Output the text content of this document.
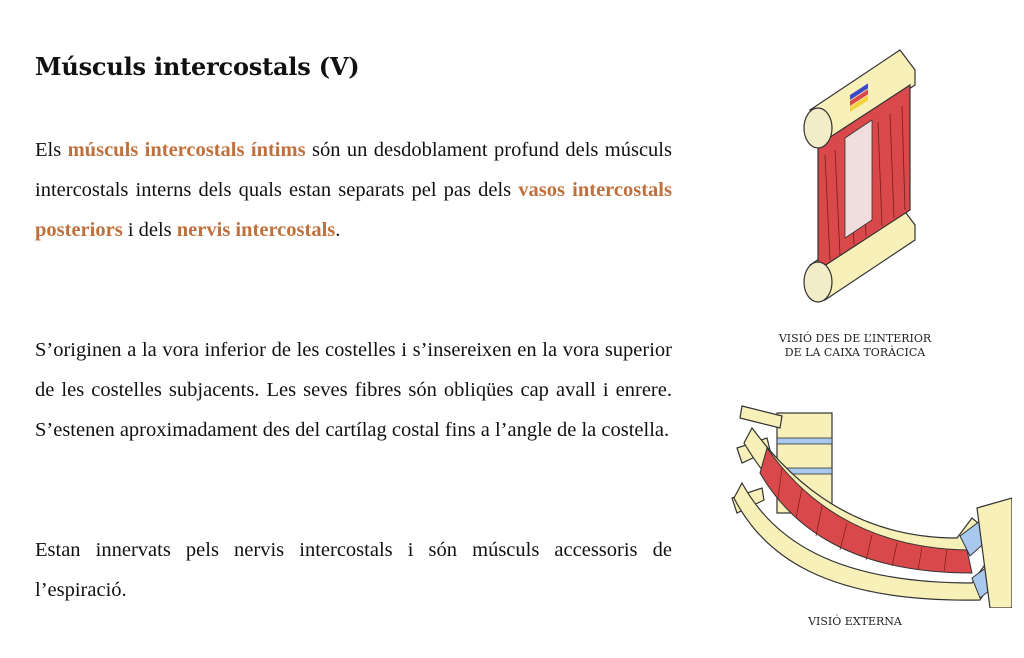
Músculs intercostals (V)
Els músculs intercostals íntims són un desdoblament profund dels músculs intercostals interns dels quals estan separats pel pas dels vasos intercostals posteriors i dels nervis intercostals.
S’originen a la vora inferior de les costelles i s’insereixen en la vora superior de les costelles subjacents. Les seves fibres són obliqües cap avall i enrere. S’estenen aproximadament des del cartílag costal fins a l’angle de la costella.
Estan innervats pels nervis intercostals i són músculs accessoris de l’espiració.
VISIÓ DES DE L’INTERIOR
DE LA CAIXA TORÀCICA
VISIÓ EXTERNA
